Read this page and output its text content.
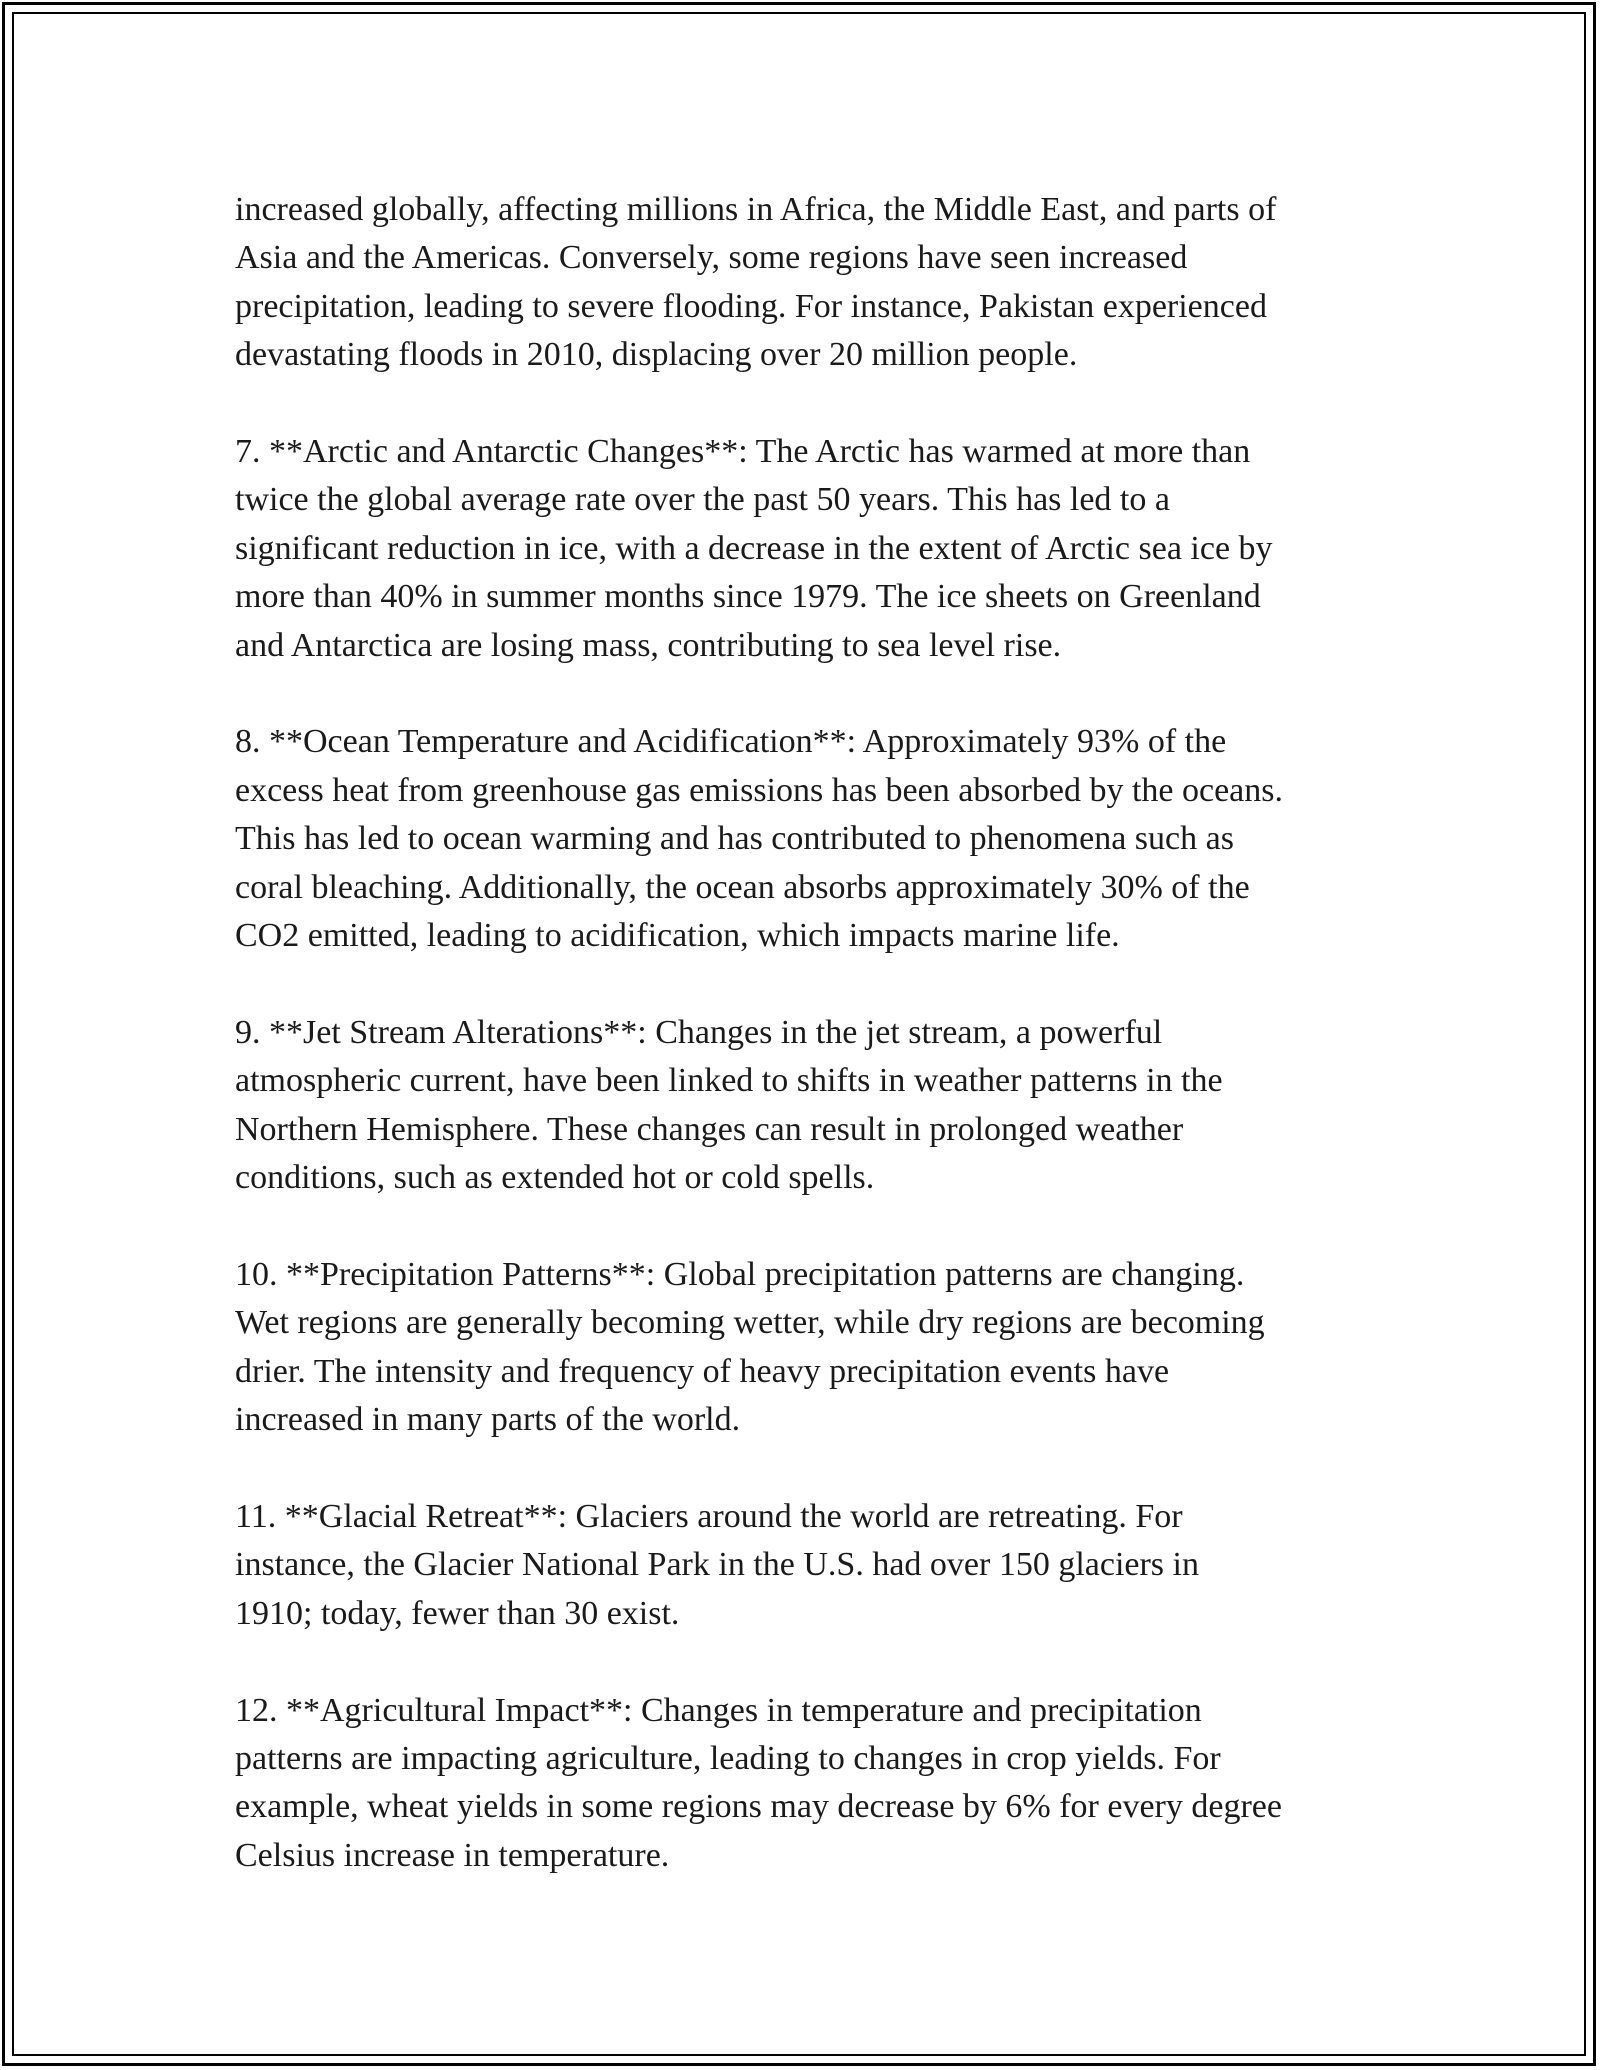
increased globally, affecting millions in Africa, the Middle East, and parts of
Asia and the Americas. Conversely, some regions have seen increased
precipitation, leading to severe flooding. For instance, Pakistan experienced
devastating floods in 2010, displacing over 20 million people.

7. **Arctic and Antarctic Changes**: The Arctic has warmed at more than
twice the global average rate over the past 50 years. This has led to a
significant reduction in ice, with a decrease in the extent of Arctic sea ice by
more than 40% in summer months since 1979. The ice sheets on Greenland
and Antarctica are losing mass, contributing to sea level rise.

8. **Ocean Temperature and Acidification**: Approximately 93% of the
excess heat from greenhouse gas emissions has been absorbed by the oceans.
This has led to ocean warming and has contributed to phenomena such as
coral bleaching. Additionally, the ocean absorbs approximately 30% of the
CO2 emitted, leading to acidification, which impacts marine life.

9. **Jet Stream Alterations**: Changes in the jet stream, a powerful
atmospheric current, have been linked to shifts in weather patterns in the
Northern Hemisphere. These changes can result in prolonged weather
conditions, such as extended hot or cold spells.

10. **Precipitation Patterns**: Global precipitation patterns are changing.
Wet regions are generally becoming wetter, while dry regions are becoming
drier. The intensity and frequency of heavy precipitation events have
increased in many parts of the world.

11. **Glacial Retreat**: Glaciers around the world are retreating. For
instance, the Glacier National Park in the U.S. had over 150 glaciers in
1910; today, fewer than 30 exist.

12. **Agricultural Impact**: Changes in temperature and precipitation
patterns are impacting agriculture, leading to changes in crop yields. For
example, wheat yields in some regions may decrease by 6% for every degree
Celsius increase in temperature.
